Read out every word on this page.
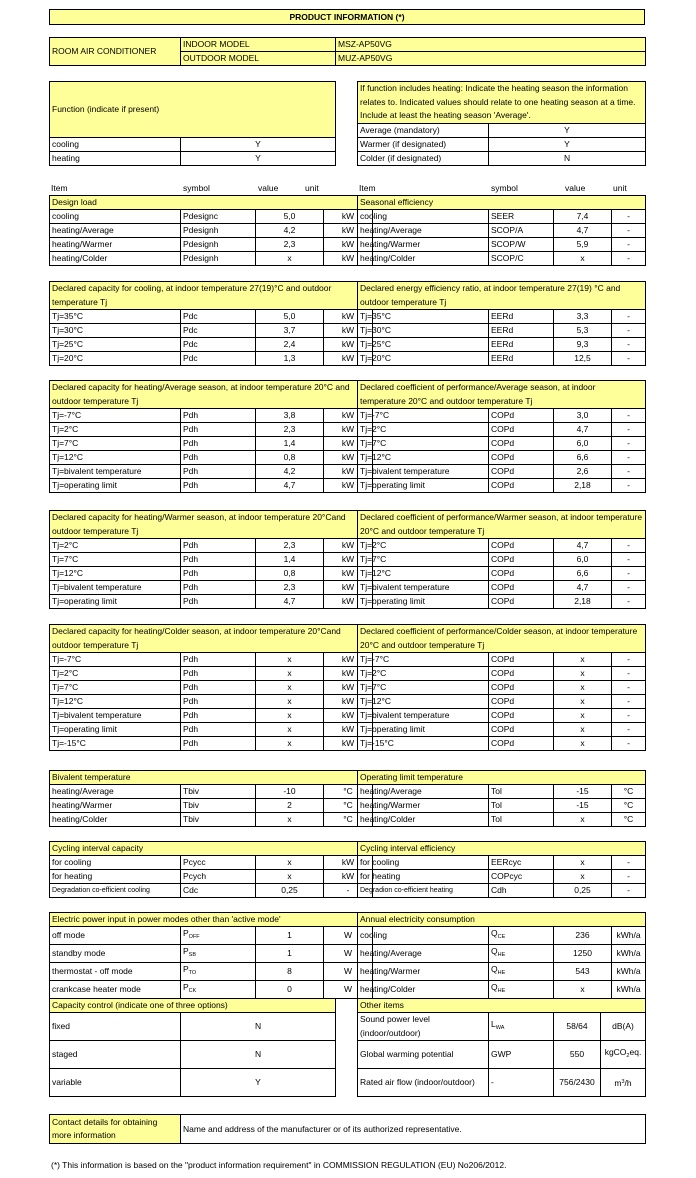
PRODUCT INFORMATION (*)
ROOM AIR CONDITIONER	INDOOR MODEL	MSZ-AP50VG
	OUTDOOR MODEL	MUZ-AP50VG
Function (indicate if present)	
cooling	Y
heating	Y
If function includes heating: Indicate the heating season the information relates to. Indicated values should relate to one heating season at a time. Include at least the heating season 'Average'.	
Average (mandatory)	Y
Warmer (if designated)	Y
Colder (if designated)	N
Item	symbol	value	unit	Item	symbol	value	unit
Design load			
cooling	Pdesignc	5,0	kW
heating/Average	Pdesignh	4,2	kW
heating/Warmer	Pdesignh	2,3	kW
heating/Colder	Pdesignh	x	kW
Seasonal efficiency			
cooling	SEER	7,4	-
heating/Average	SCOP/A	4,7	-
heating/Warmer	SCOP/W	5,9	-
heating/Colder	SCOP/C	x	-
Declared capacity for cooling, at indoor temperature 27(19)°C and outdoor temperature Tj			
Tj=35°C	Pdc	5,0	kW
Tj=30°C	Pdc	3,7	kW
Tj=25°C	Pdc	2,4	kW
Tj=20°C	Pdc	1,3	kW
Declared energy efficiency ratio, at indoor temperature 27(19) °C and outdoor temperature Tj			
Tj=35°C	EERd	3,3	-
Tj=30°C	EERd	5,3	-
Tj=25°C	EERd	9,3	-
Tj=20°C	EERd	12,5	-
Declared capacity for heating/Average season, at indoor temperature 20°C and outdoor temperature Tj			
Tj=-7°C	Pdh	3,8	kW
Tj=2°C	Pdh	2,3	kW
Tj=7°C	Pdh	1,4	kW
Tj=12°C	Pdh	0,8	kW
Tj=bivalent temperature	Pdh	4,2	kW
Tj=operating limit	Pdh	4,7	kW
Declared coefficient of performance/Average season, at indoor temperature 20°C and outdoor temperature Tj			
Tj=-7°C	COPd	3,0	-
Tj=2°C	COPd	4,7	-
Tj=7°C	COPd	6,0	-
Tj=12°C	COPd	6,6	-
Tj=bivalent temperature	COPd	2,6	-
Tj=operating limit	COPd	2,18	-
Declared capacity for heating/Warmer season, at indoor temperature 20°Cand outdoor temperature Tj			
Tj=2°C	Pdh	2,3	kW
Tj=7°C	Pdh	1,4	kW
Tj=12°C	Pdh	0,8	kW
Tj=bivalent temperature	Pdh	2,3	kW
Tj=operating limit	Pdh	4,7	kW
Declared coefficient of performance/Warmer season, at indoor temperature 20°C and outdoor temperature Tj			
Tj=2°C	COPd	4,7	-
Tj=7°C	COPd	6,0	-
Tj=12°C	COPd	6,6	-
Tj=bivalent temperature	COPd	4,7	-
Tj=operating limit	COPd	2,18	-
Declared capacity for heating/Colder season, at indoor temperature 20°Cand outdoor temperature Tj			
Tj=-7°C	Pdh	x	kW
Tj=2°C	Pdh	x	kW
Tj=7°C	Pdh	x	kW
Tj=12°C	Pdh	x	kW
Tj=bivalent temperature	Pdh	x	kW
Tj=operating limit	Pdh	x	kW
Tj=-15°C	Pdh	x	kW
Declared coefficient of performance/Colder season, at indoor temperature 20°C and outdoor temperature Tj			
Tj=-7°C	COPd	x	-
Tj=2°C	COPd	x	-
Tj=7°C	COPd	x	-
Tj=12°C	COPd	x	-
Tj=bivalent temperature	COPd	x	-
Tj=operating limit	COPd	x	-
Tj=-15°C	COPd	x	-
Bivalent temperature			
heating/Average	Tbiv	-10	°C
heating/Warmer	Tbiv	2	°C
heating/Colder	Tbiv	x	°C
Operating limit temperature			
heating/Average	Tol	-15	°C
heating/Warmer	Tol	-15	°C
heating/Colder	Tol	x	°C
Cycling interval capacity			
for cooling	Pcycc	x	kW
for heating	Pcych	x	kW
Degradation co-efficient cooling	Cdc	0,25	-
Cycling interval efficiency			
for cooling	EERcyc	x	-
for heating	COPcyc	x	-
Degradion co-efficient heating	Cdh	0,25	-
Electric power input in power modes other than 'active mode'			
off mode	$P_{OFF}$	1	W
standby mode	$P_{SB}$	1	W
thermostat - off mode	$P_{TO}$	8	W
crankcase heater mode	$P_{CK}$	0	W
Annual electricity consumption			
cooling	$Q_{CE}$	236	kWh/a
heating/Average	$Q_{HE}$	1250	kWh/a
heating/Warmer	$Q_{HE}$	543	kWh/a
heating/Colder	$Q_{HE}$	x	kWh/a
Capacity control (indicate one of three options)	
fixed	N
staged	N
variable	Y
Other items			
Sound power level (indoor/outdoor)	$L_{WA}$	58/64	dB(A)
Global warming potential	GWP	550	kgCO$_2$eq.
Rated air flow (indoor/outdoor)	-	756/2430	$m^3/h$
Contact details for obtaining more information	Name and address of the manufacturer or of its authorized representative.
(*) This information is based on the "product information requirement" in COMMISSION REGULATION (EU) No206/2012.
